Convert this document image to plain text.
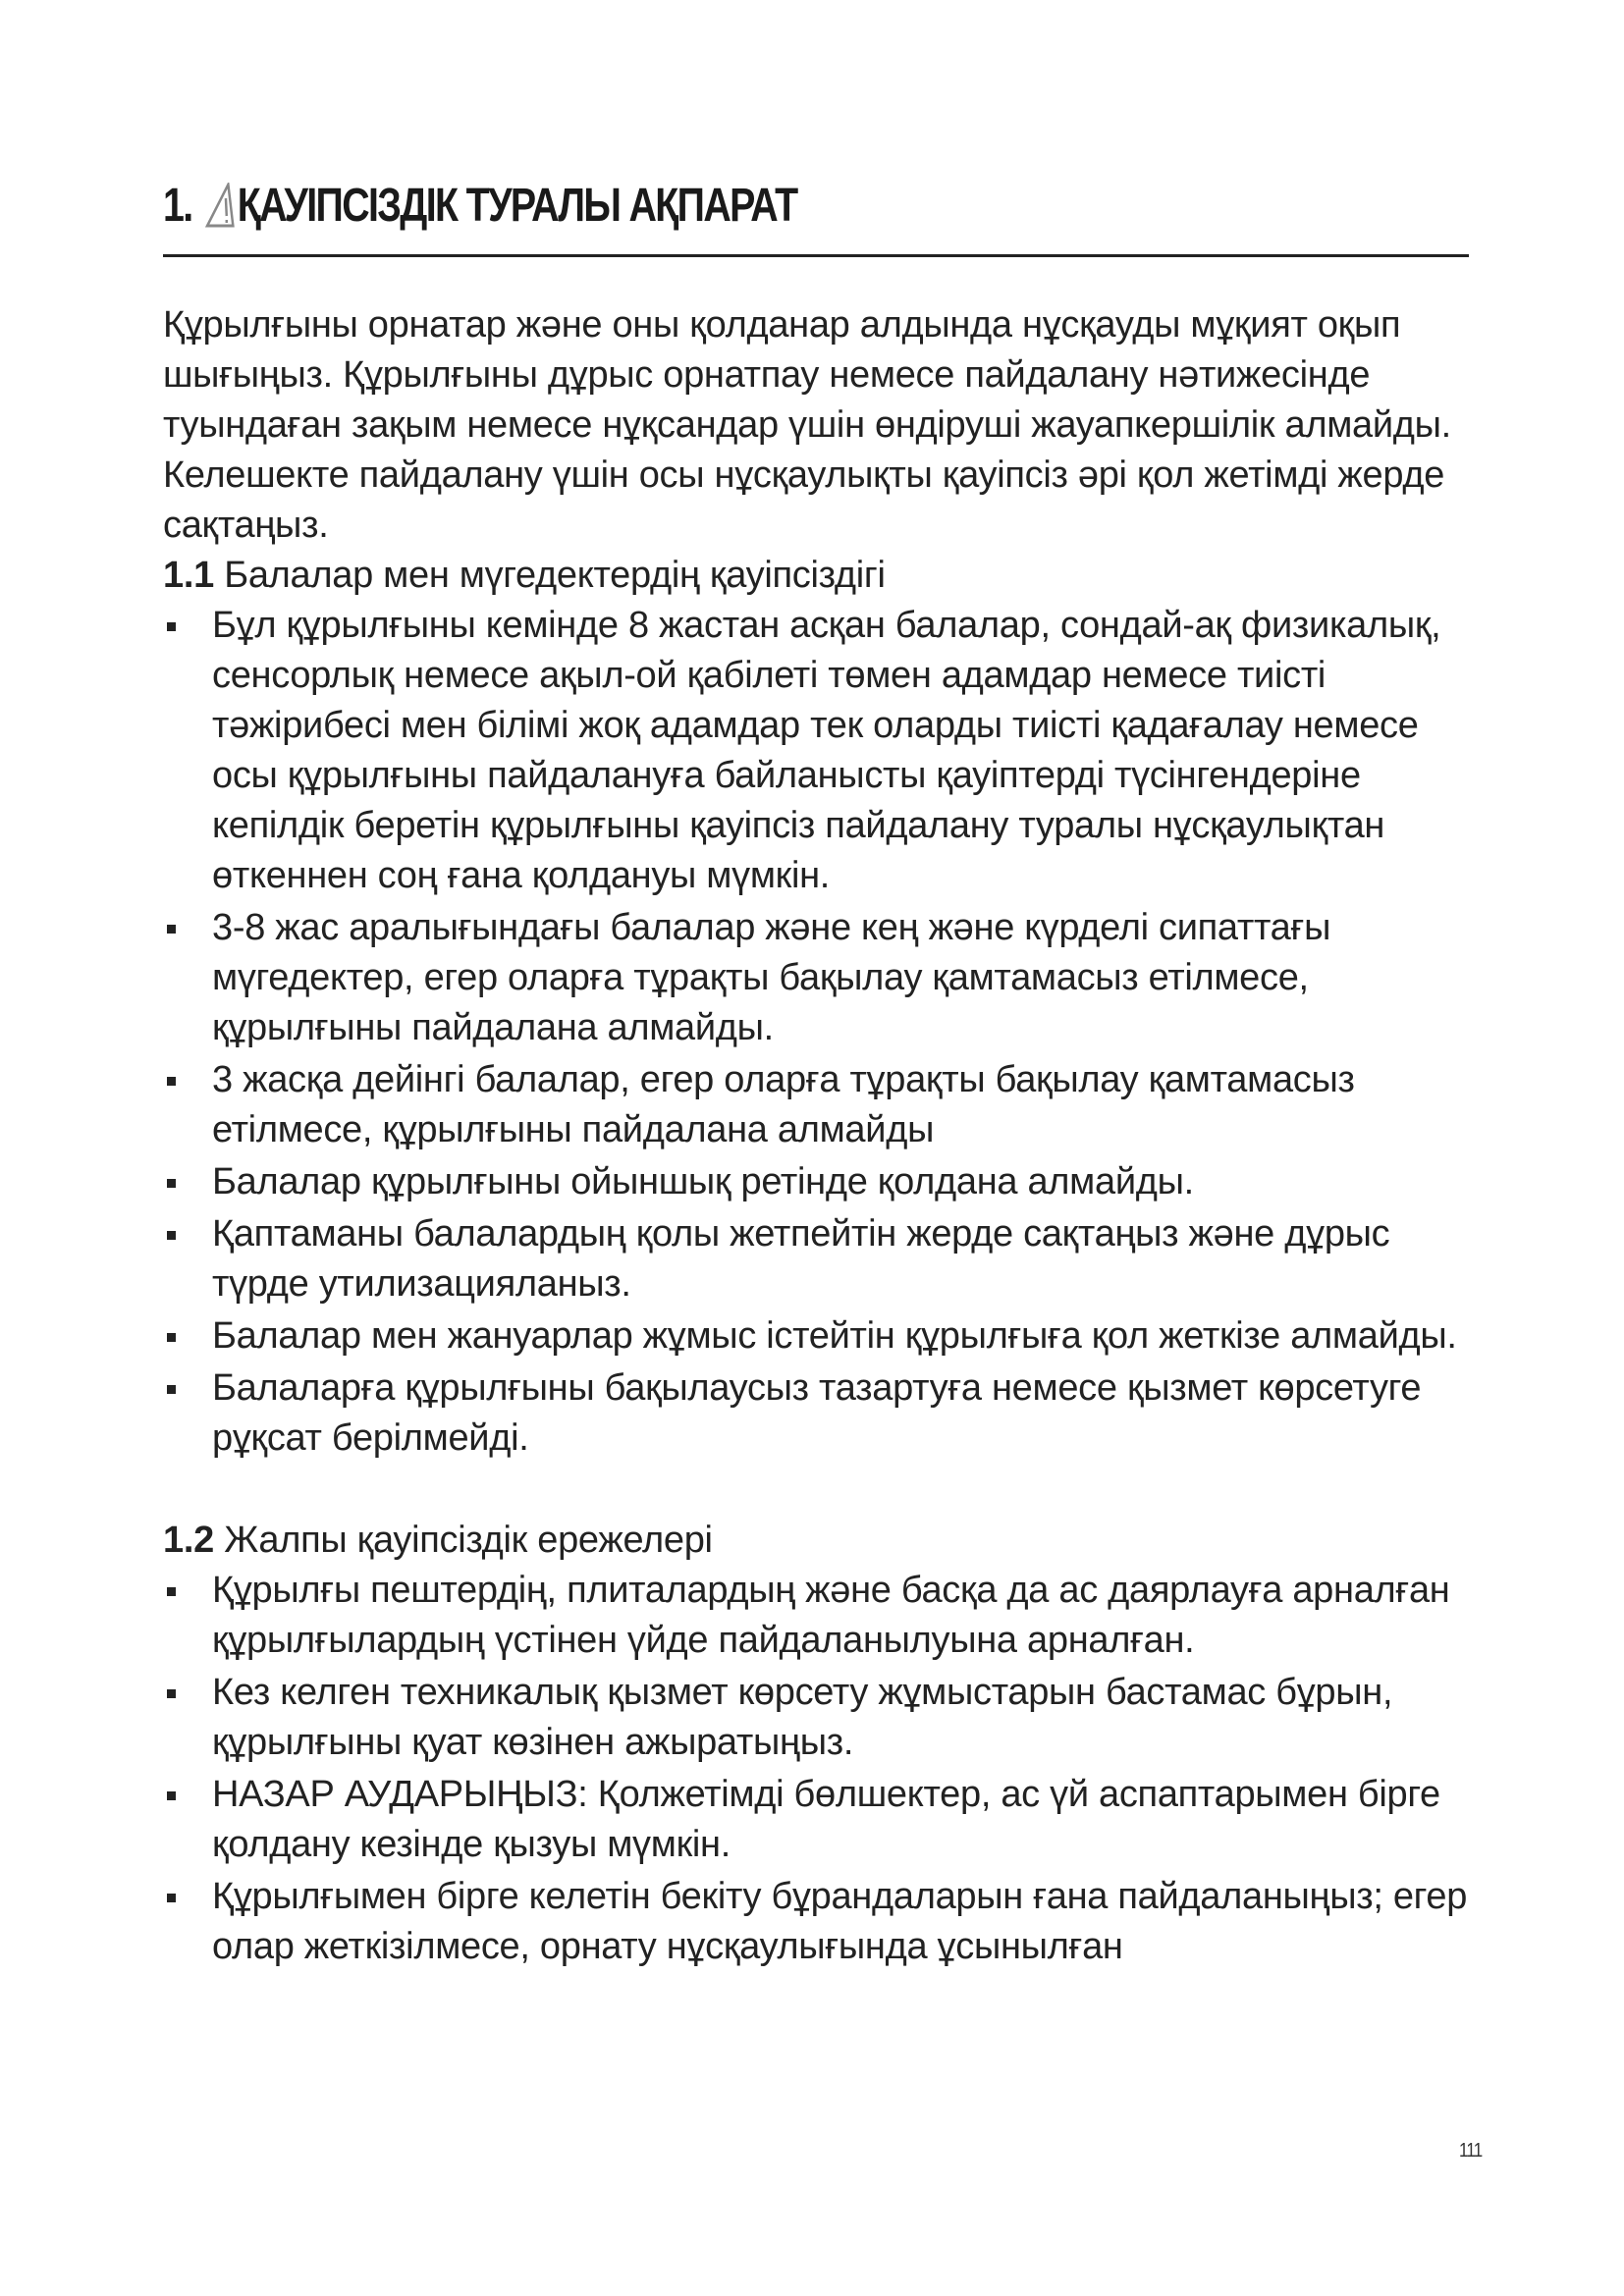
1. ҚАУІПСІЗДІК ТУРАЛЫ АҚПАРАТ

Құрылғыны орнатар және оны қолданар алдында нұсқауды мұқият оқып шығыңыз. Құрылғыны дұрыс орнатпау немесе пайдалану нәтижесінде туындаған зақым немесе нұқсандар үшін өндіруші жауапкершілік алмайды. Келешекте пайдалану үшін осы нұсқаулықты қауіпсіз әрі қол жетімді жерде сақтаңыз.

1.1 Балалар мен мүгедектердің қауіпсіздігі

Бұл құрылғыны кемінде 8 жастан асқан балалар, сондай-ақ физикалық, сенсорлық немесе ақыл-ой қабілеті төмен адамдар немесе тиісті тәжірибесі мен білімі жоқ адамдар тек оларды тиісті қадағалау немесе осы құрылғыны пайдалануға байланысты қауіптерді түсінгендеріне кепілдік беретін құрылғыны қауіпсіз пайдалану туралы нұсқаулықтан өткеннен соң ғана қолдануы мүмкін.
3-8 жас аралығындағы балалар және кең және күрделі сипаттағы мүгедектер, егер оларға тұрақты бақылау қамтамасыз етілмесе, құрылғыны пайдалана алмайды.
3 жасқа дейінгі балалар, егер оларға тұрақты бақылау қамтамасыз етілмесе, құрылғыны пайдалана алмайды
Балалар құрылғыны ойыншық ретінде қолдана алмайды.
Қаптаманы балалардың қолы жетпейтін жерде сақтаңыз және дұрыс түрде утилизацияланыз.
Балалар мен жануарлар жұмыс істейтін құрылғыға қол жеткізе алмайды.
Балаларға құрылғыны бақылаусыз тазартуға немесе қызмет көрсетуге рұқсат берілмейді.

1.2 Жалпы қауіпсіздік ережелері

Құрылғы пештердің, плиталардың және басқа да ас даярлауға арналған құрылғылардың үстінен үйде пайдаланылуына арналған.
Кез келген техникалық қызмет көрсету жұмыстарын бастамас бұрын, құрылғыны қуат көзінен ажыратыңыз.
НАЗАР АУДАРЫҢЫЗ: Қолжетімді бөлшектер, ас үй аспаптарымен бірге қолдану кезінде қызуы мүмкін.
Құрылғымен бірге келетін бекіту бұрандаларын ғана пайдаланыңыз; егер олар жеткізілмесе, орнату нұсқаулығында ұсынылған
111
